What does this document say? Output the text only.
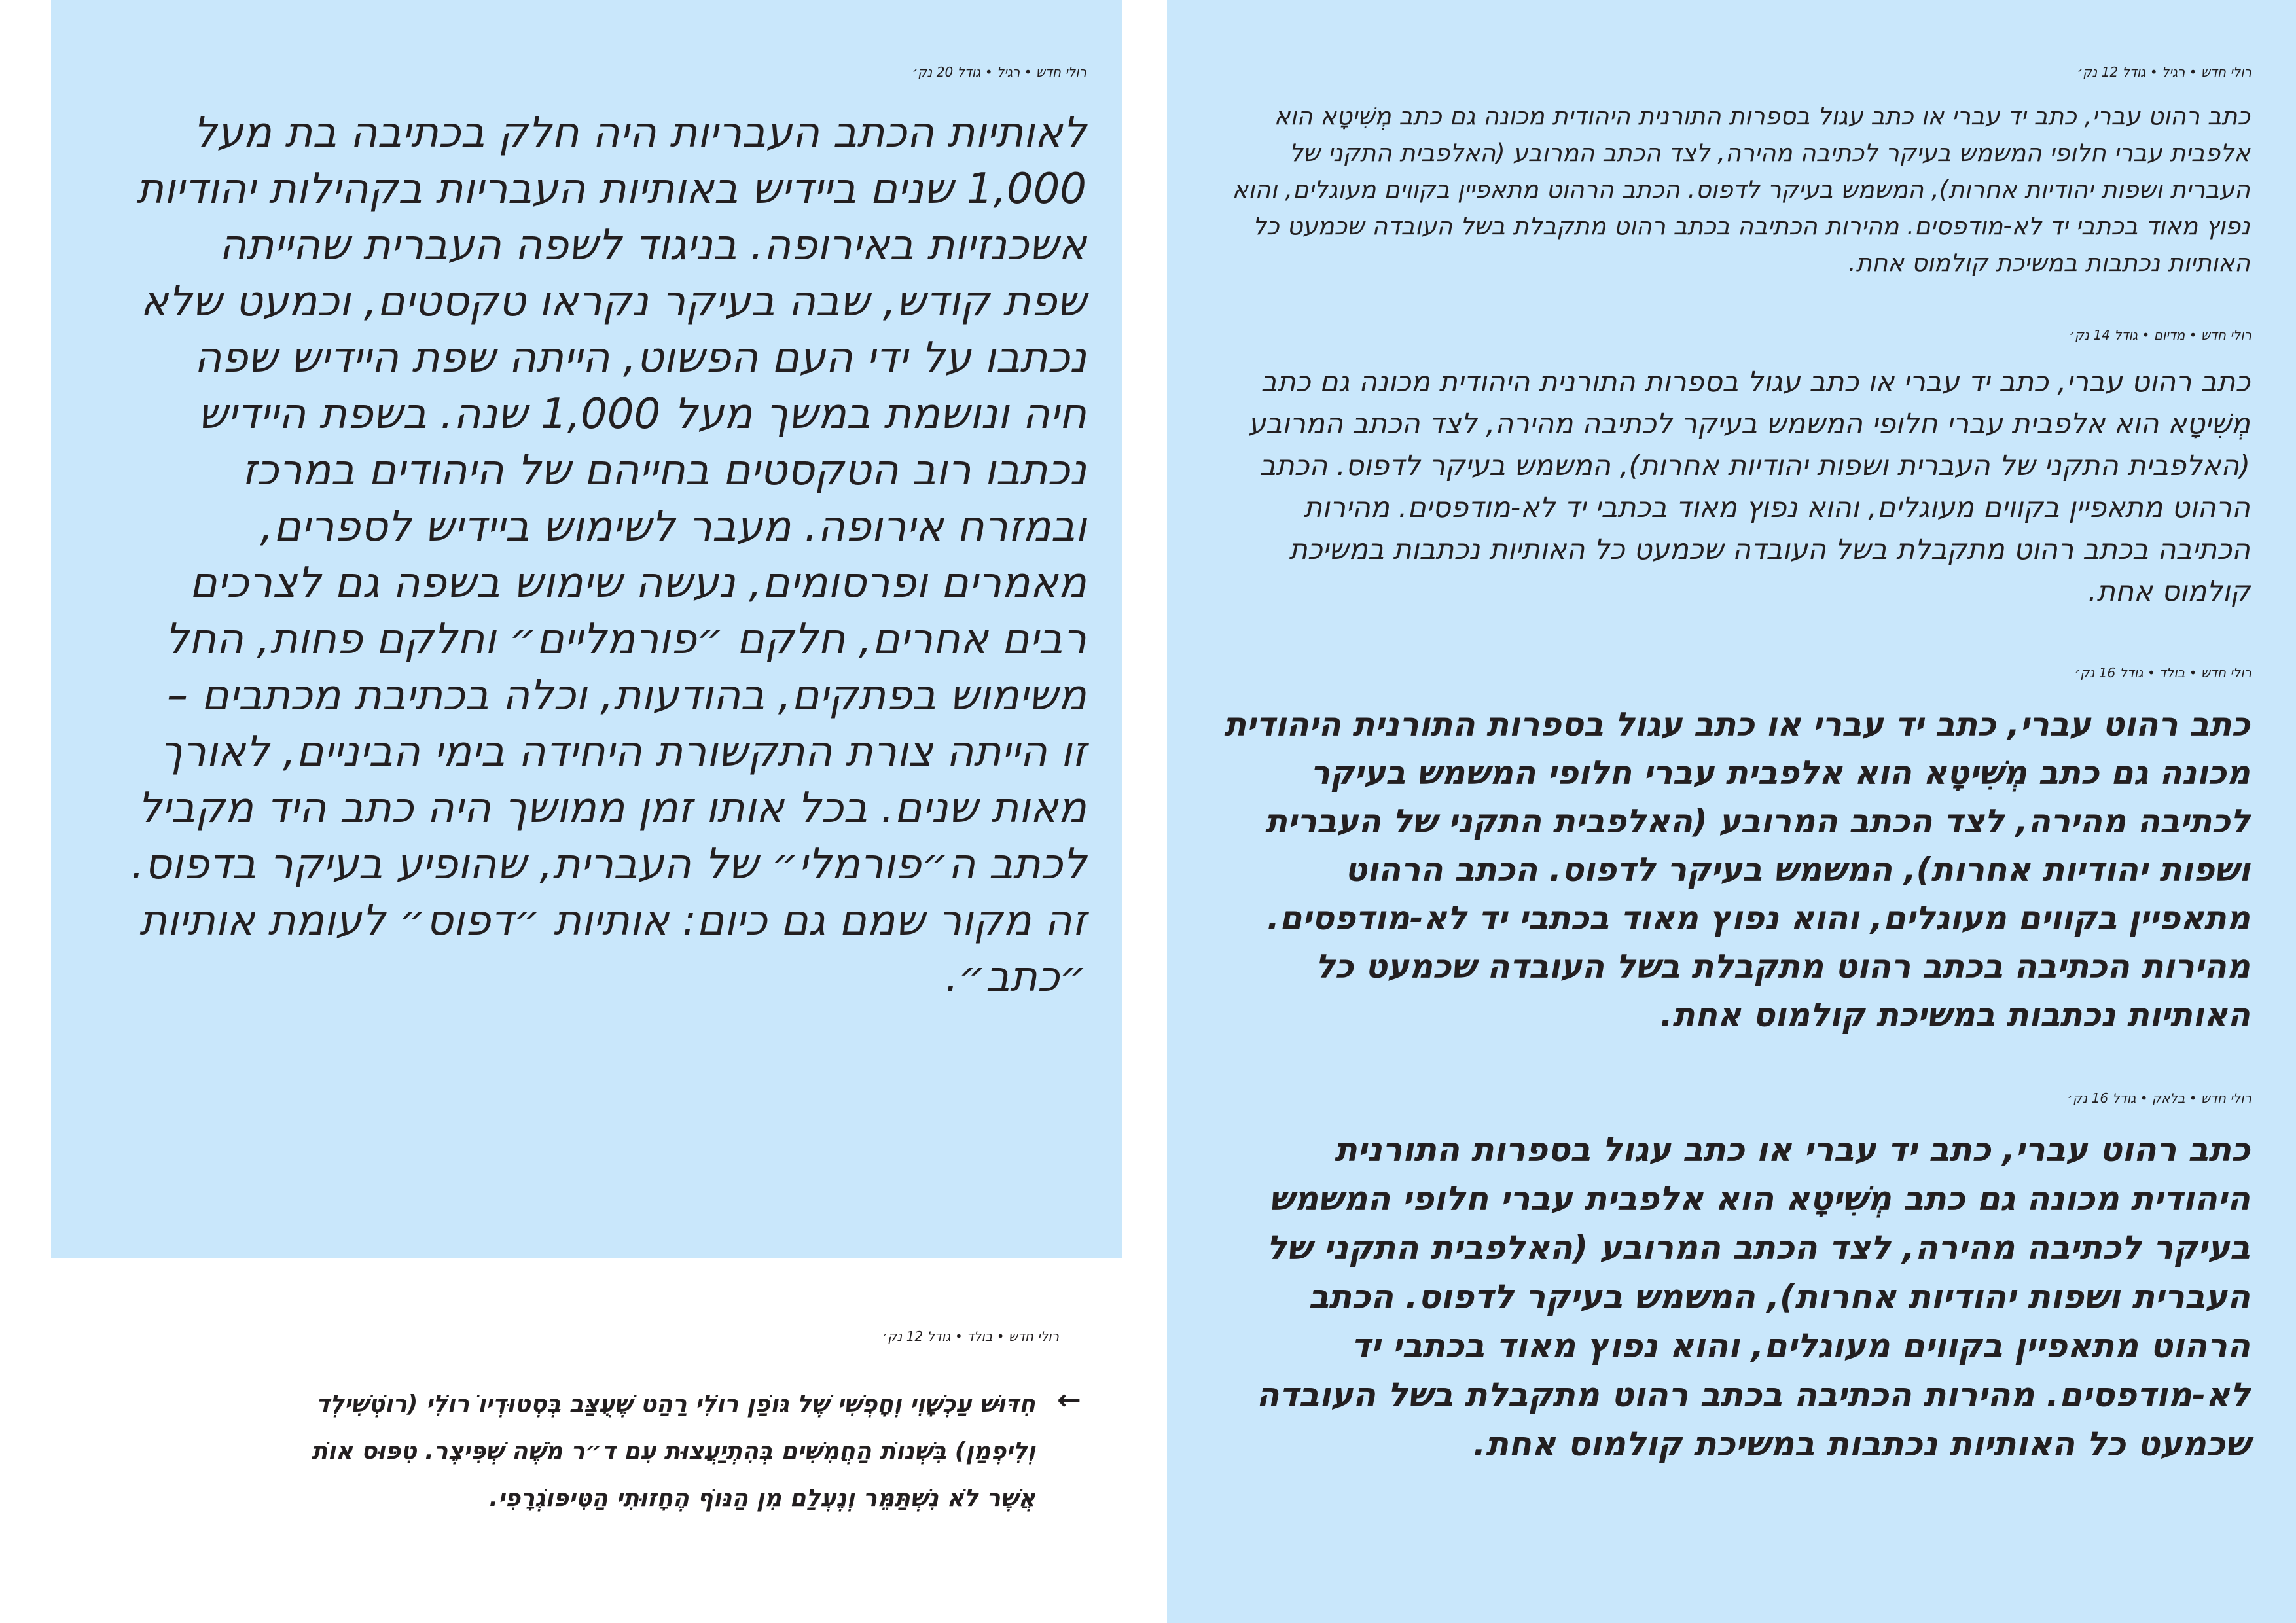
רולי חדש • רגיל • גודל 12 נק׳

כתב רהוט עברי, כתב יד עברי או כתב עגול בספרות התורנית היהודית מכונה גם כתב מְשִׁיטָא הוא אלפבית עברי חלופי המשמש בעיקר לכתיבה מהירה, לצד הכתב המרובע (האלפבית התקני של העברית ושפות יהודיות אחרות), המשמש בעיקר לדפוס. הכתב הרהוט מתאפיין בקווים מעוגלים, והוא נפוץ מאוד בכתבי יד לא-מודפסים. מהירות הכתיבה בכתב רהוט מתקבלת בשל העובדה שכמעט כל האותיות נכתבות במשיכת קולמוס אחת.

רולי חדש • מדיום • גודל 14 נק׳

כתב רהוט עברי, כתב יד עברי או כתב עגול בספרות התורנית היהודית מכונה גם כתב מְשִׁיטָא הוא אלפבית עברי חלופי המשמש בעיקר לכתיבה מהירה, לצד הכתב המרובע (האלפבית התקני של העברית ושפות יהודיות אחרות), המשמש בעיקר לדפוס. הכתב הרהוט מתאפיין בקווים מעוגלים, והוא נפוץ מאוד בכתבי יד לא-מודפסים. מהירות הכתיבה בכתב רהוט מתקבלת בשל העובדה שכמעט כל האותיות נכתבות במשיכת קולמוס אחת.

רולי חדש • בולד • גודל 16 נק׳

כתב רהוט עברי, כתב יד עברי או כתב עגול בספרות התורנית היהודית מכונה גם כתב מְשִׁיטָא הוא אלפבית עברי חלופי המשמש בעיקר לכתיבה מהירה, לצד הכתב המרובע (האלפבית התקני של העברית ושפות יהודיות אחרות), המשמש בעיקר לדפוס. הכתב הרהוט מתאפיין בקווים מעוגלים, והוא נפוץ מאוד בכתבי יד לא-מודפסים. מהירות הכתיבה בכתב רהוט מתקבלת בשל העובדה שכמעט כל האותיות נכתבות במשיכת קולמוס אחת.

רולי חדש • בלאק • גודל 16 נק׳

כתב רהוט עברי, כתב יד עברי או כתב עגול בספרות התורנית היהודית מכונה גם כתב מְשִׁיטָא הוא אלפבית עברי חלופי המשמש בעיקר לכתיבה מהירה, לצד הכתב המרובע (האלפבית התקני של העברית ושפות יהודיות אחרות), המשמש בעיקר לדפוס. הכתב הרהוט מתאפיין בקווים מעוגלים, והוא נפוץ מאוד בכתבי יד לא-מודפסים. מהירות הכתיבה בכתב רהוט מתקבלת בשל העובדה שכמעט כל האותיות נכתבות במשיכת קולמוס אחת.

רולי חדש • רגיל • גודל 20 נק׳

לאותיות הכתב העבריות היה חלק בכתיבה בת מעל 1,000 שנים ביידיש באותיות העבריות בקהילות יהודיות אשכנזיות באירופה. בניגוד לשפה העברית שהייתה שפת קודש, שבה בעיקר נקראו טקסטים, וכמעט שלא נכתבו על ידי העם הפשוט, הייתה שפת היידיש שפה חיה ונושמת במשך מעל 1,000 שנה. בשפת היידיש נכתבו רוב הטקסטים בחייהם של היהודים במרכז ובמזרח אירופה. מעבר לשימוש ביידיש לספרים, מאמרים ופרסומים, נעשה שימוש בשפה גם לצרכים רבים אחרים, חלקם ״פורמליים״ וחלקם פחות, החל משימוש בפתקים, בהודעות, וכלה בכתיבת מכתבים – זו הייתה צורת התקשורת היחידה בימי הביניים, לאורך מאות שנים. בכל אותו זמן ממושך היה כתב היד מקביל לכתב ה״פורמלי״ של העברית, שהופיע בעיקר בדפוס. זה מקור שמם גם כיום: אותיות ״דפוס״ לעומת אותיות ״כתב״.

רולי חדש • בולד • גודל 12 נק׳
←

חִדּוּשׁ עַכְשָׁוִי וְחָפְשִׁי שֶׁל גּוֹפַן רוֹלִי רַהַט שֶׁעֻצַּב בְּסְטוּדְיוֹ רוֹלִי (רוֹטְשִׁילְד וְלִיפְמַן) בִּשְׁנוֹת הַחֲמִשִּׁים בְּהִתְיַעֲצוּת עִם ד״ר מֹשֶׁה שְׁפִּיצֶר. טִפּוּס אוֹת אֲשֶׁר לֹא נִשְׁתַּמֵּר וְנֶעְלַם מִן הַנּוֹף הֶחָזוּתִי הַטִּיפּוֹגְרָפִי.
